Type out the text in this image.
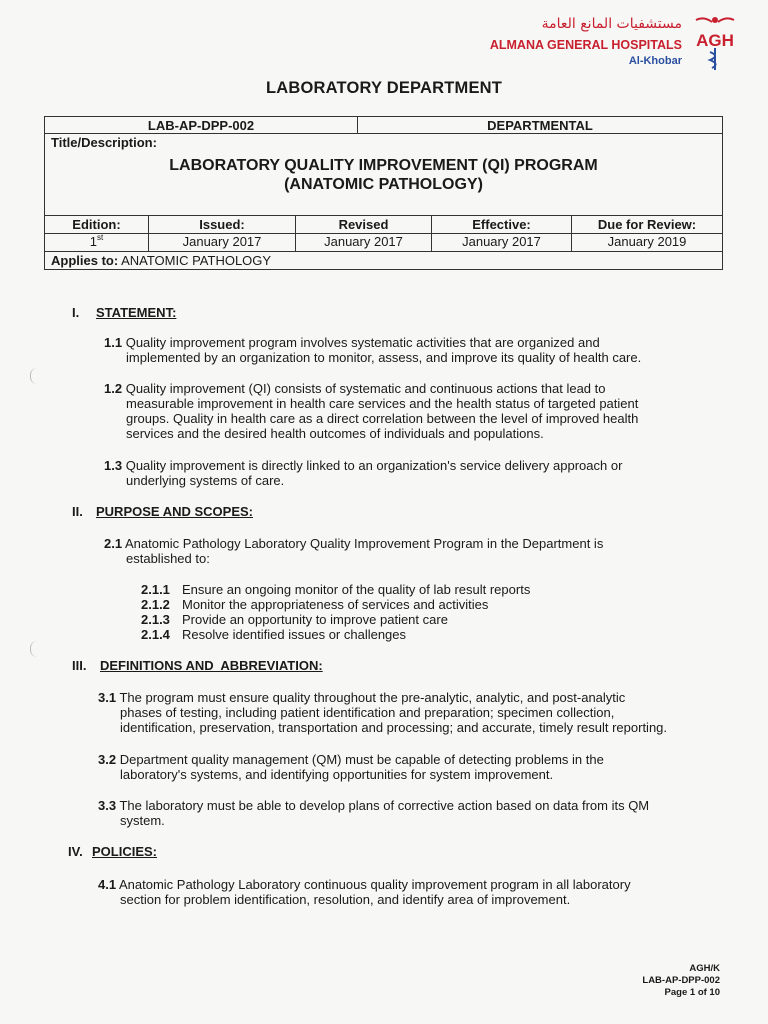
مستشفيات المانع العامة
ALMANA GENERAL HOSPITALS
Al-Khobar
AGH
LABORATORY DEPARTMENT
LAB-AP-DPP-002	DEPARTMENTAL
Title/Description:
LABORATORY QUALITY IMPROVEMENT (QI) PROGRAM
(ANATOMIC PATHOLOGY)
Edition:
1st
Issued:
January 2017
Revised
January 2017
Effective:
January 2017
Due for Review:
January 2019
Applies to: ANATOMIC PATHOLOGY
I. STATEMENT:
1.1 Quality improvement program involves systematic activities that are organized and
implemented by an organization to monitor, assess, and improve its quality of health care.
1.2 Quality improvement (QI) consists of systematic and continuous actions that lead to
measurable improvement in health care services and the health status of targeted patient
groups. Quality in health care as a direct correlation between the level of improved health
services and the desired health outcomes of individuals and populations.
1.3 Quality improvement is directly linked to an organization's service delivery approach or
underlying systems of care.
II. PURPOSE AND SCOPES:
2.1 Anatomic Pathology Laboratory Quality Improvement Program in the Department is
established to:
2.1.1 Ensure an ongoing monitor of the quality of lab result reports
2.1.2 Monitor the appropriateness of services and activities
2.1.3 Provide an opportunity to improve patient care
2.1.4 Resolve identified issues or challenges
III. DEFINITIONS AND  ABBREVIATION:
3.1 The program must ensure quality throughout the pre-analytic, analytic, and post-analytic
phases of testing, including patient identification and preparation; specimen collection,
identification, preservation, transportation and processing; and accurate, timely result reporting.
3.2 Department quality management (QM) must be capable of detecting problems in the
laboratory's systems, and identifying opportunities for system improvement.
3.3 The laboratory must be able to develop plans of corrective action based on data from its QM
system.
IV. POLICIES:
4.1 Anatomic Pathology Laboratory continuous quality improvement program in all laboratory
section for problem identification, resolution, and identify area of improvement.
AGH/K
LAB-AP-DPP-002
Page 1 of 10
